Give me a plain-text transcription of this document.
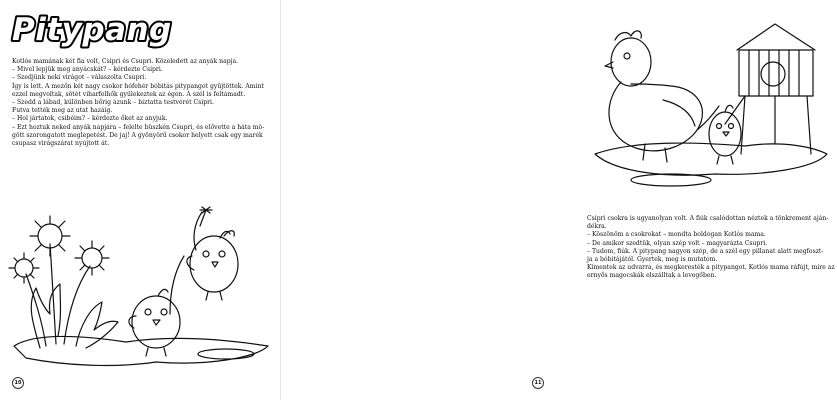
Pitypang

Kotlós mamának két fia volt, Csipri és Csupri. Közeledett az anyák napja.

– Mivel lepjük meg anyácskát? – kérdezte Csipri.

– Szedjünk neki virágot – válaszolta Csupri.

Így is lett. A mezőn két nagy csokor hófehér bóbitás pitypangot gyűjtöttek. Amint

ezzel megvoltak, sötét viharfelhők gyülekeztek az égen. A szél is feltámadt.

– Szedd a lábad, különben bőrig ázunk – biztatta testvérét Csipri.

Futva tették meg az utat hazáig.

– Hol jártatok, csibéim? – kérdezte őket az anyjuk.

– Ezt hoztuk neked anyák napjára – felelte büszkén Csupri, és elővette a háta mö-

gött szorongatott meglepetést. De jaj! A gyönyörű csokor helyett csak egy marék

csupasz virágszárat nyújtott át.

10

Csipri csokra is ugyanolyan volt. A fiúk csalódottan néztek a tönkrement aján-

dékra.

– Köszönöm a csokrokat – mondta boldogan Kotlós mama.

– De amikor szedtük, olyan szép volt – magyarázta Csupri.

– Tudom, fiúk. A pitypang nagyon szép, de a szél egy pillanat alatt megfoszt-

ja a bóbitájától. Gyertek, meg is mutatom.

Kimentek az udvarra, és megkeresték a pitypangot. Kotlós mama ráfújt, mire az

ernyős magocskák elszálltak a levegőben.

11
